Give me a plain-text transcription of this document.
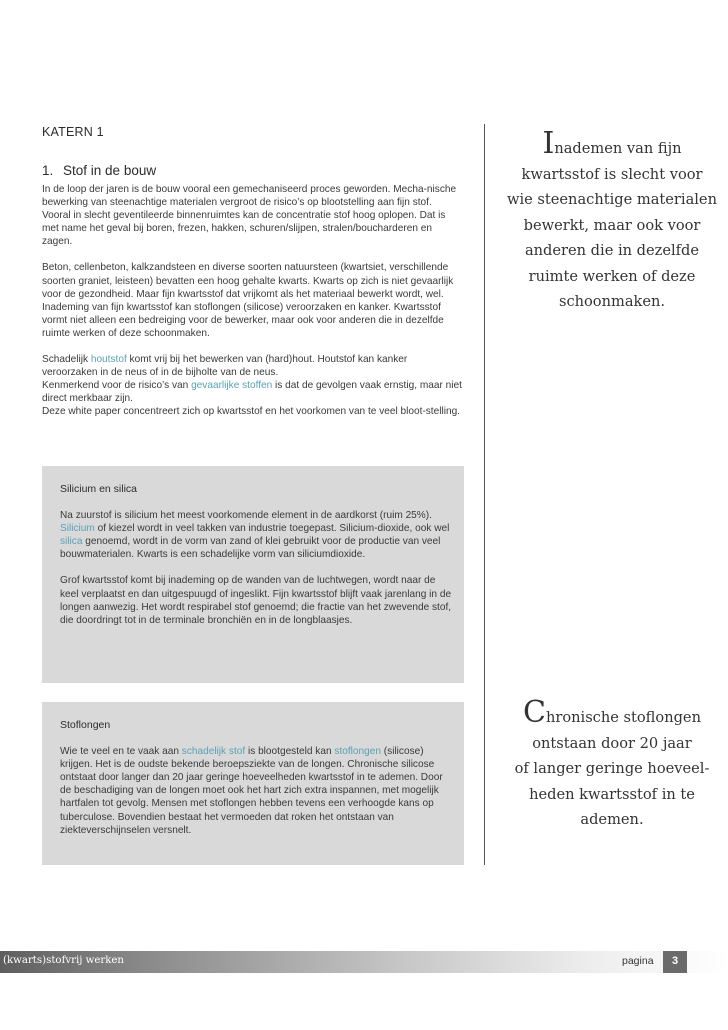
KATERN 1
1. Stof in de bouw

In de loop der jaren is de bouw vooral een gemechaniseerd proces geworden. Mecha-nische bewerking van steenachtige materialen vergroot de risico’s op blootstelling aan fijn stof. Vooral in slecht geventileerde binnenruimtes kan de concentratie stof hoog oplopen. Dat is met name het geval bij boren, frezen, hakken, schuren/slijpen, stralen/boucharderen en zagen.

Beton, cellenbeton, kalkzandsteen en diverse soorten natuursteen (kwartsiet, verschillende soorten graniet, leisteen) bevatten een hoog gehalte kwarts. Kwarts op zich is niet gevaarlijk voor de gezondheid. Maar fijn kwartsstof dat vrijkomt als het materiaal bewerkt wordt, wel. Inademing van fijn kwartsstof kan stoflongen (silicose) veroorzaken en kanker. Kwartsstof vormt niet alleen een bedreiging voor de bewerker, maar ook voor anderen die in dezelfde ruimte werken of deze schoonmaken.

Schadelijk houtstof komt vrij bij het bewerken van (hard)hout. Houtstof kan kanker veroorzaken in de neus of in de bijholte van de neus.
Kenmerkend voor de risico’s van gevaarlijke stoffen is dat de gevolgen vaak ernstig, maar niet direct merkbaar zijn.
Deze white paper concentreert zich op kwartsstof en het voorkomen van te veel bloot-stelling.

Silicium en silica

Na zuurstof is silicium het meest voorkomende element in de aardkorst (ruim 25%). Silicium of kiezel wordt in veel takken van industrie toegepast. Silicium-dioxide, ook wel silica genoemd, wordt in de vorm van zand of klei gebruikt voor de productie van veel bouwmaterialen. Kwarts is een schadelijke vorm van siliciumdioxide.

Grof kwartsstof komt bij inademing op de wanden van de luchtwegen, wordt naar de keel verplaatst en dan uitgespuugd of ingeslikt. Fijn kwartsstof blijft vaak jarenlang in de longen aanwezig. Het wordt respirabel stof genoemd; die fractie van het zwevende stof, die doordringt tot in de terminale bronchiën en in de longblaasjes.

Stoflongen

Wie te veel en te vaak aan schadelijk stof is blootgesteld kan stoflongen (silicose) krijgen. Het is de oudste bekende beroepsziekte van de longen. Chronische silicose ontstaat door langer dan 20 jaar geringe hoeveelheden kwartsstof in te ademen. Door de beschadiging van de longen moet ook het hart zich extra inspannen, met mogelijk hartfalen tot gevolg. Mensen met stoflongen hebben tevens een verhoogde kans op tuberculose. Bovendien bestaat het vermoeden dat roken het ontstaan van ziekteverschijnselen versnelt.

Inademen van fijn
kwartsstof is slecht voor
wie steenachtige materialen
bewerkt, maar ook voor
anderen die in dezelfde
ruimte werken of deze
schoonmaken.
Chronische stoflongen
ontstaan door 20 jaar
of langer geringe hoeveel-
heden kwartsstof in te
ademen.
(kwarts)stofvrij werken	pagina	3
